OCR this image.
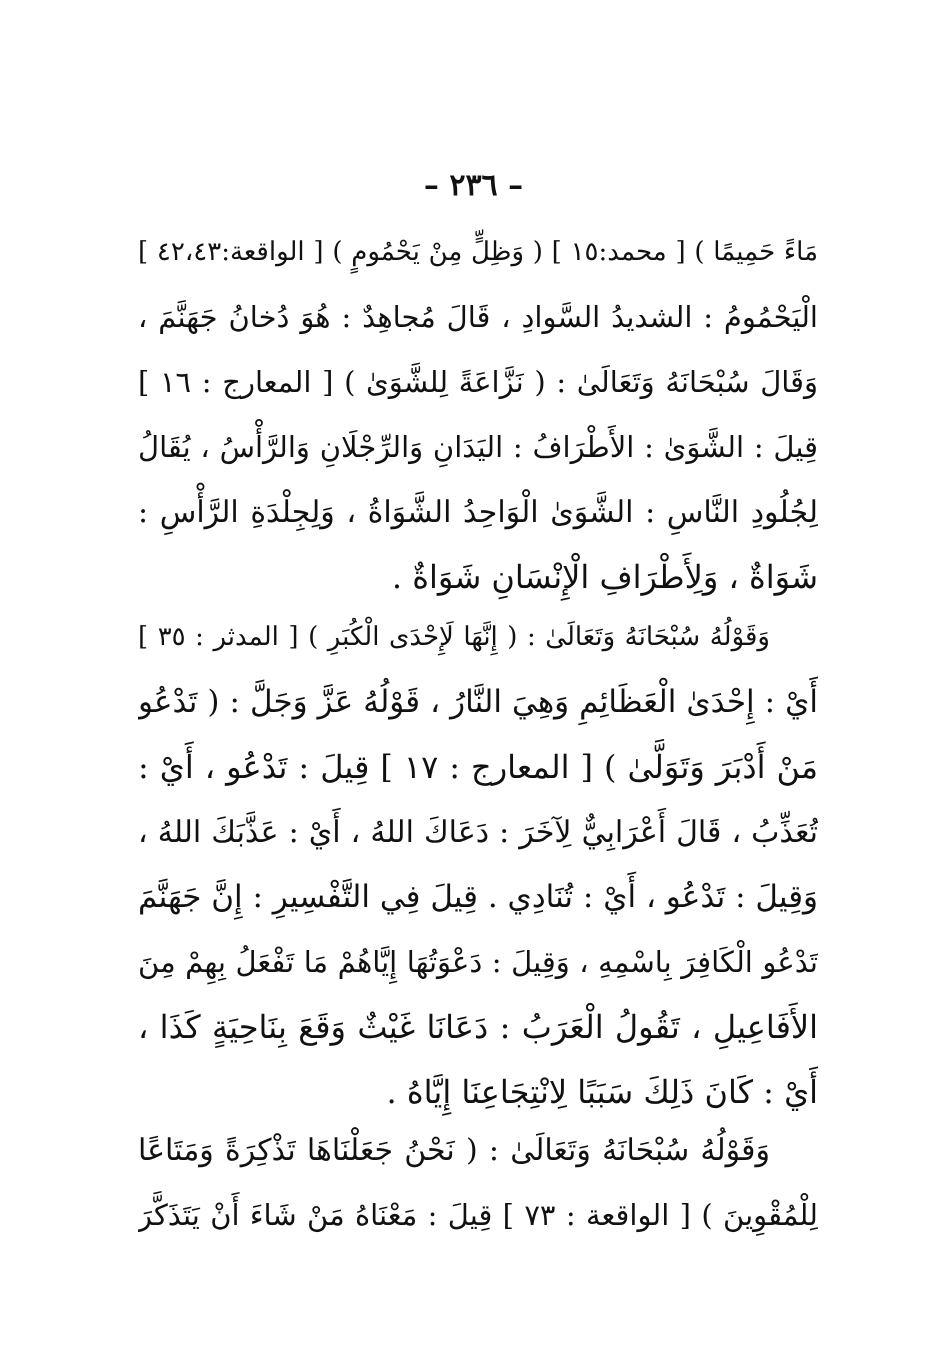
– ٢٣٦ –
مَاءً حَمِيمًا ) [ محمد:١٥ ] ( وَظِلٍّ مِنْ يَحْمُومٍ ) [ الواقعة:٤٢،٤٣ ]
الْيَحْمُومُ : الشديدُ السَّوادِ ، قَالَ مُجاهِدٌ : هُوَ دُخانُ جَهَنَّمَ ،
وَقَالَ سُبْحَانَهُ وَتَعَالَىٰ : ( نَزَّاعَةً لِلشَّوَىٰ ) [ المعارج : ١٦ ]
قِيلَ : الشَّوَىٰ : الأَطْرَافُ : اليَدَانِ وَالرِّجْلَانِ وَالرَّأْسُ ، يُقَالُ
لِجُلُودِ النَّاسِ : الشَّوَىٰ الْوَاحِدُ الشَّوَاةُ ، وَلِجِلْدَةِ الرَّأْسِ :
شَوَاةٌ ، وَلِأَطْرَافِ الْإِنْسَانِ شَوَاةٌ .
وَقَوْلُهُ سُبْحَانَهُ وَتَعَالَىٰ : ( إِنَّهَا لَإِحْدَى الْكُبَرِ ) [ المدثر : ٣٥ ]
أَيْ : إِحْدَىٰ الْعَظَائِمِ وَهِيَ النَّارُ ، قَوْلُهُ عَزَّ وَجَلَّ : ( تَدْعُو
مَنْ أَدْبَرَ وَتَوَلَّىٰ ) [ المعارج : ١٧ ] قِيلَ : تَدْعُو ، أَيْ :
تُعَذِّبُ ، قَالَ أَعْرَابِيٌّ لِآخَرَ : دَعَاكَ اللهُ ، أَيْ : عَذَّبَكَ اللهُ ،
وَقِيلَ : تَدْعُو ، أَيْ : تُنَادِي . قِيلَ فِي التَّفْسِيرِ : إِنَّ جَهَنَّمَ
تَدْعُو الْكَافِرَ بِاسْمِهِ ، وَقِيلَ : دَعْوَتُهَا إِيَّاهُمْ مَا تَفْعَلُ بِهِمْ مِنَ
الأَفَاعِيلِ ، تَقُولُ الْعَرَبُ : دَعَانَا غَيْثٌ وَقَعَ بِنَاحِيَةٍ كَذَا ،
أَيْ : كَانَ ذَلِكَ سَبَبًا لِانْتِجَاعِنَا إِيَّاهُ .
وَقَوْلُهُ سُبْحَانَهُ وَتَعَالَىٰ : ( نَحْنُ جَعَلْنَاهَا تَذْكِرَةً وَمَتَاعًا
لِلْمُقْوِينَ ) [ الواقعة : ٧٣ ] قِيلَ : مَعْنَاهُ مَنْ شَاءَ أَنْ يَتَذَكَّرَ
